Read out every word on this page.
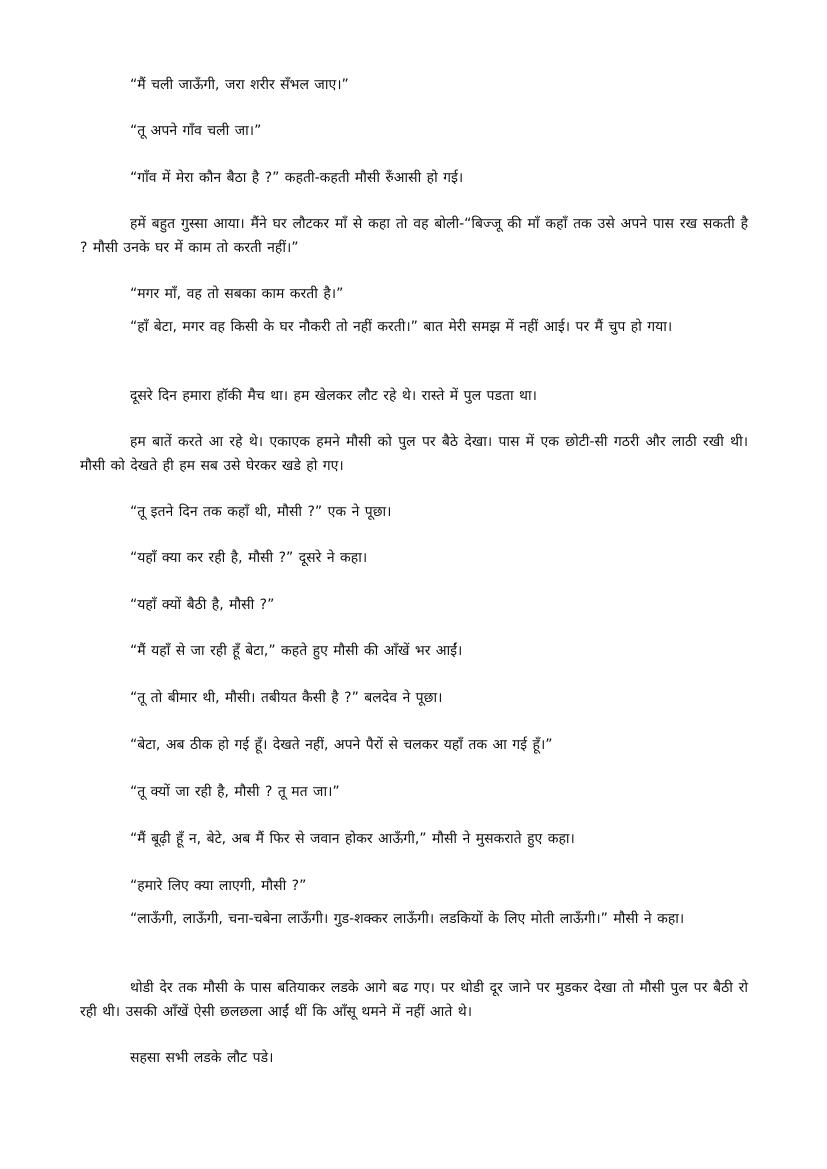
“मैं चली जाऊँगी, जरा शरीर सँभल जाए।”

“तू अपने गाँव चली जा।”

“गाँव में मेरा कौन बैठा है ?” कहती-कहती मौसी रुँआसी हो गई।

हमें बहुत गुस्सा आया। मैंने घर लौटकर माँ से कहा तो वह बोली-“बिज्जू की माँ कहाँ तक उसे अपने पास रख सकती है ? मौसी उनके घर में काम तो करती नहीं।”

“मगर माँ, वह तो सबका काम करती है।”

“हाँ बेटा, मगर वह किसी के घर नौकरी तो नहीं करती।” बात मेरी समझ में नहीं आई। पर मैं चुप हो गया।

दूसरे दिन हमारा हॉकी मैच था। हम खेलकर लौट रहे थे। रास्ते में पुल पडता था।

हम बातें करते आ रहे थे। एकाएक हमने मौसी को पुल पर बैठे देखा। पास में एक छोटी-सी गठरी और लाठी रखी थी। मौसी को देखते ही हम सब उसे घेरकर खडे हो गए।

“तू इतने दिन तक कहाँ थी, मौसी ?” एक ने पूछा।

“यहाँ क्या कर रही है, मौसी ?” दूसरे ने कहा।

“यहाँ क्यों बैठी है, मौसी ?”

“मैं यहाँ से जा रही हूँ बेटा,” कहते हुए मौसी की आँखें भर आईं।

“तू तो बीमार थी, मौसी। तबीयत कैसी है ?” बलदेव ने पूछा।

“बेटा, अब ठीक हो गई हूँ। देखते नहीं, अपने पैरों से चलकर यहाँ तक आ गई हूँ।”

“तू क्यों जा रही है, मौसी ? तू मत जा।”

“मैं बूढ़ी हूँ न, बेटे, अब मैं फिर से जवान होकर आऊँगी,” मौसी ने मुसकराते हुए कहा।

“हमारे लिए क्या लाएगी, मौसी ?”

“लाऊँगी, लाऊँगी, चना-चबेना लाऊँगी। गुड-शक्कर लाऊँगी। लडकियों के लिए मोती लाऊँगी।” मौसी ने कहा।

थोडी देर तक मौसी के पास बतियाकर लडके आगे बढ गए। पर थोडी दूर जाने पर मुडकर देखा तो मौसी पुल पर बैठी रो रही थी। उसकी आँखें ऐसी छलछला आईं थीं कि आँसू थमने में नहीं आते थे।

सहसा सभी लडके लौट पडे।
